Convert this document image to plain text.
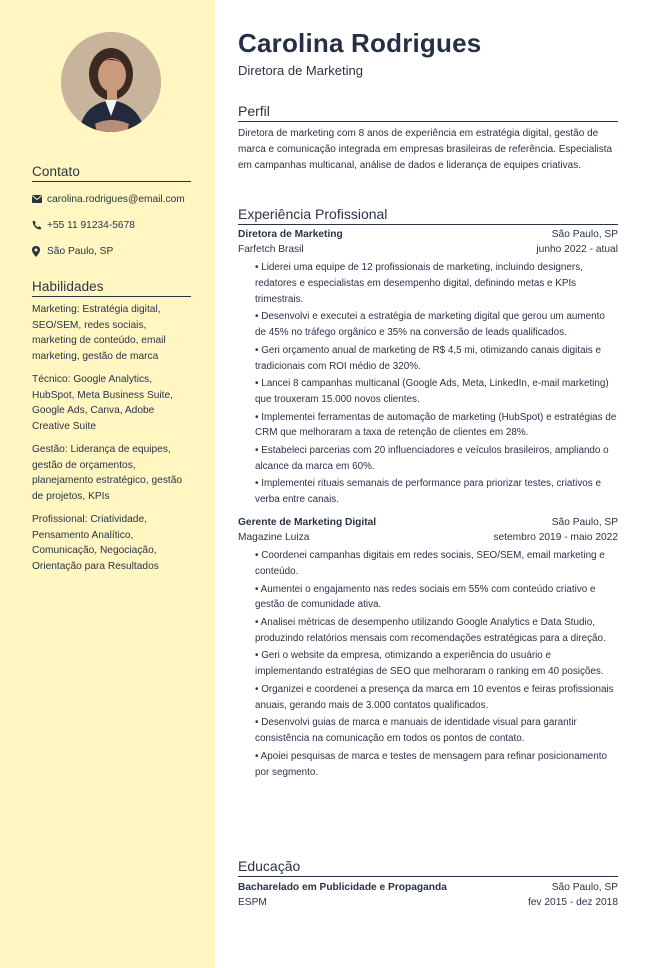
Contato
carolina.rodrigues@email.com
+55 11 91234-5678
São Paulo, SP
Habilidades
Marketing: Estratégia digital, SEO/SEM, redes sociais, marketing de conteúdo, email marketing, gestão de marca
Técnico: Google Analytics, HubSpot, Meta Business Suite, Google Ads, Canva, Adobe Creative Suite
Gestão: Liderança de equipes, gestão de orçamentos, planejamento estratégico, gestão de projetos, KPIs
Profissional: Criatividade, Pensamento Analítico, Comunicação, Negociação, Orientação para Resultados
Carolina Rodrigues
Diretora de Marketing
Perfil
Diretora de marketing com 8 anos de experiência em estratégia digital, gestão de marca e comunicação integrada em empresas brasileiras de referência. Especialista em campanhas multicanal, análise de dados e liderança de equipes criativas.
Experiência Profissional
Diretora de Marketing	São Paulo, SP
Farfetch Brasil	junho 2022 - atual
• Liderei uma equipe de 12 profissionais de marketing, incluindo designers, redatores e especialistas em desempenho digital, definindo metas e KPIs trimestrais.
• Desenvolvi e executei a estratégia de marketing digital que gerou um aumento de 45% no tráfego orgânico e 35% na conversão de leads qualificados.
• Geri orçamento anual de marketing de R$ 4,5 mi, otimizando canais digitais e tradicionais com ROI médio de 320%.
• Lancei 8 campanhas multicanal (Google Ads, Meta, LinkedIn, e-mail marketing) que trouxeram 15.000 novos clientes.
• Implementei ferramentas de automação de marketing (HubSpot) e estratégias de CRM que melhoraram a taxa de retenção de clientes em 28%.
• Estabeleci parcerias com 20 influenciadores e veículos brasileiros, ampliando o alcance da marca em 60%.
• Implementei rituais semanais de performance para priorizar testes, criativos e verba entre canais.
Gerente de Marketing Digital	São Paulo, SP
Magazine Luiza	setembro 2019 - maio 2022
• Coordenei campanhas digitais em redes sociais, SEO/SEM, email marketing e conteúdo.
• Aumentei o engajamento nas redes sociais em 55% com conteúdo criativo e gestão de comunidade ativa.
• Analisei métricas de desempenho utilizando Google Analytics e Data Studio, produzindo relatórios mensais com recomendações estratégicas para a direção.
• Geri o website da empresa, otimizando a experiência do usuário e implementando estratégias de SEO que melhoraram o ranking em 40 posições.
• Organizei e coordenei a presença da marca em 10 eventos e feiras profissionais anuais, gerando mais de 3.000 contatos qualificados.
• Desenvolvi guias de marca e manuais de identidade visual para garantir consistência na comunicação em todos os pontos de contato.
• Apoiei pesquisas de marca e testes de mensagem para refinar posicionamento por segmento.
Educação
Bacharelado em Publicidade e Propaganda	São Paulo, SP
ESPM	fev 2015 - dez 2018
